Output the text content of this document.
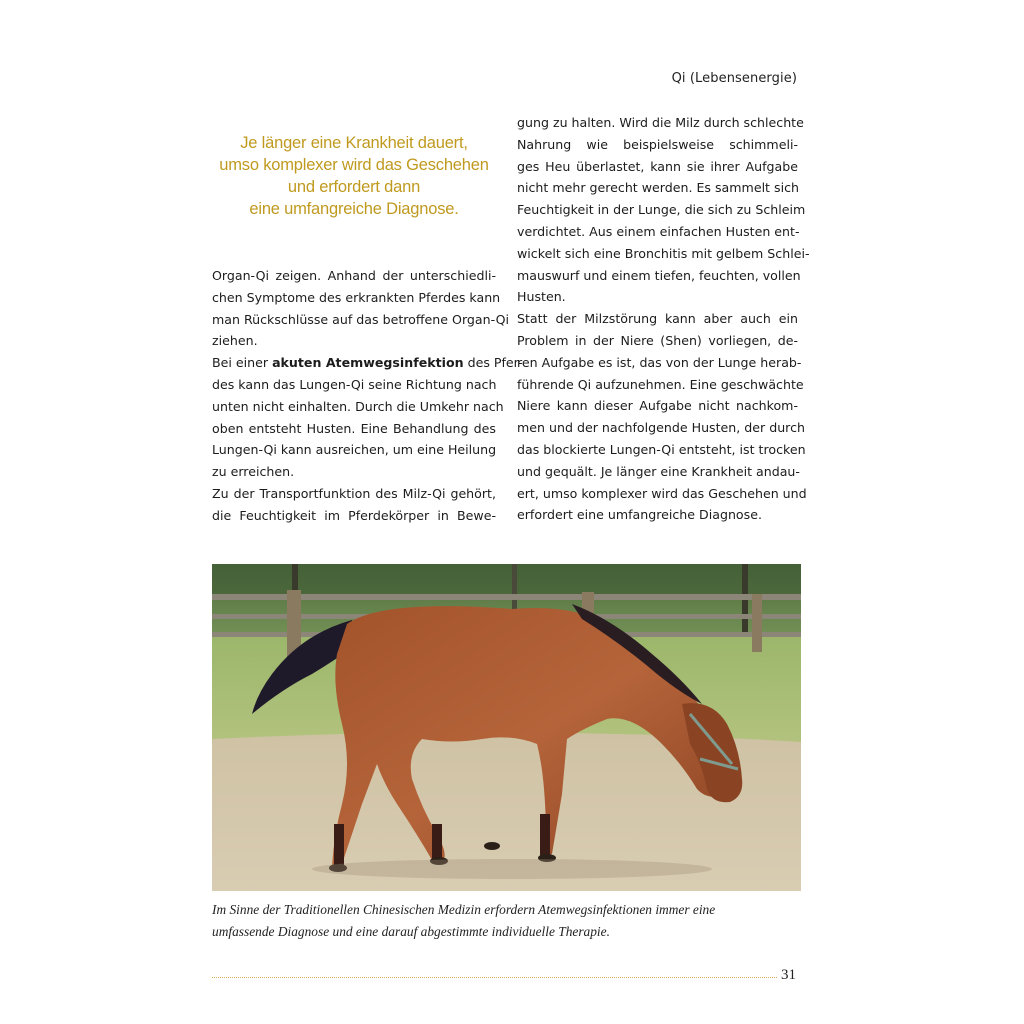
Qi (Lebensenergie)
Je länger eine Krankheit dauert,
umso komplexer wird das Geschehen
und erfordert dann
eine umfangreiche Diagnose.
Organ-Qi zeigen. Anhand der unterschiedli-
chen Symptome des erkrankten Pferdes kann
man Rückschlüsse auf das betroffene Organ-Qi
ziehen.
Bei einer akuten Atemwegsinfektion des Pfer-
des kann das Lungen-Qi seine Richtung nach
unten nicht einhalten. Durch die Umkehr nach
oben entsteht Husten. Eine Behandlung des
Lungen-Qi kann ausreichen, um eine Heilung
zu erreichen.
Zu der Transportfunktion des Milz-Qi gehört,
die Feuchtigkeit im Pferdekörper in Bewe-
gung zu halten. Wird die Milz durch schlechte
Nahrung wie beispielsweise schimmeli-
ges Heu überlastet, kann sie ihrer Aufgabe
nicht mehr gerecht werden. Es sammelt sich
Feuchtigkeit in der Lunge, die sich zu Schleim
verdichtet. Aus einem einfachen Husten ent-
wickelt sich eine Bronchitis mit gelbem Schlei-
mauswurf und einem tiefen, feuchten, vollen
Husten.
Statt der Milzstörung kann aber auch ein
Problem in der Niere (Shen) vorliegen, de-
ren Aufgabe es ist, das von der Lunge herab-
führende Qi aufzunehmen. Eine geschwächte
Niere kann dieser Aufgabe nicht nachkom-
men und der nachfolgende Husten, der durch
das blockierte Lungen-Qi entsteht, ist trocken
und gequält. Je länger eine Krankheit andau-
ert, umso komplexer wird das Geschehen und
erfordert eine umfangreiche Diagnose.
Im Sinne der Traditionellen Chinesischen Medizin erfordern Atemwegsinfektionen immer eine
umfassende Diagnose und eine darauf abgestimmte individuelle Therapie.
31
